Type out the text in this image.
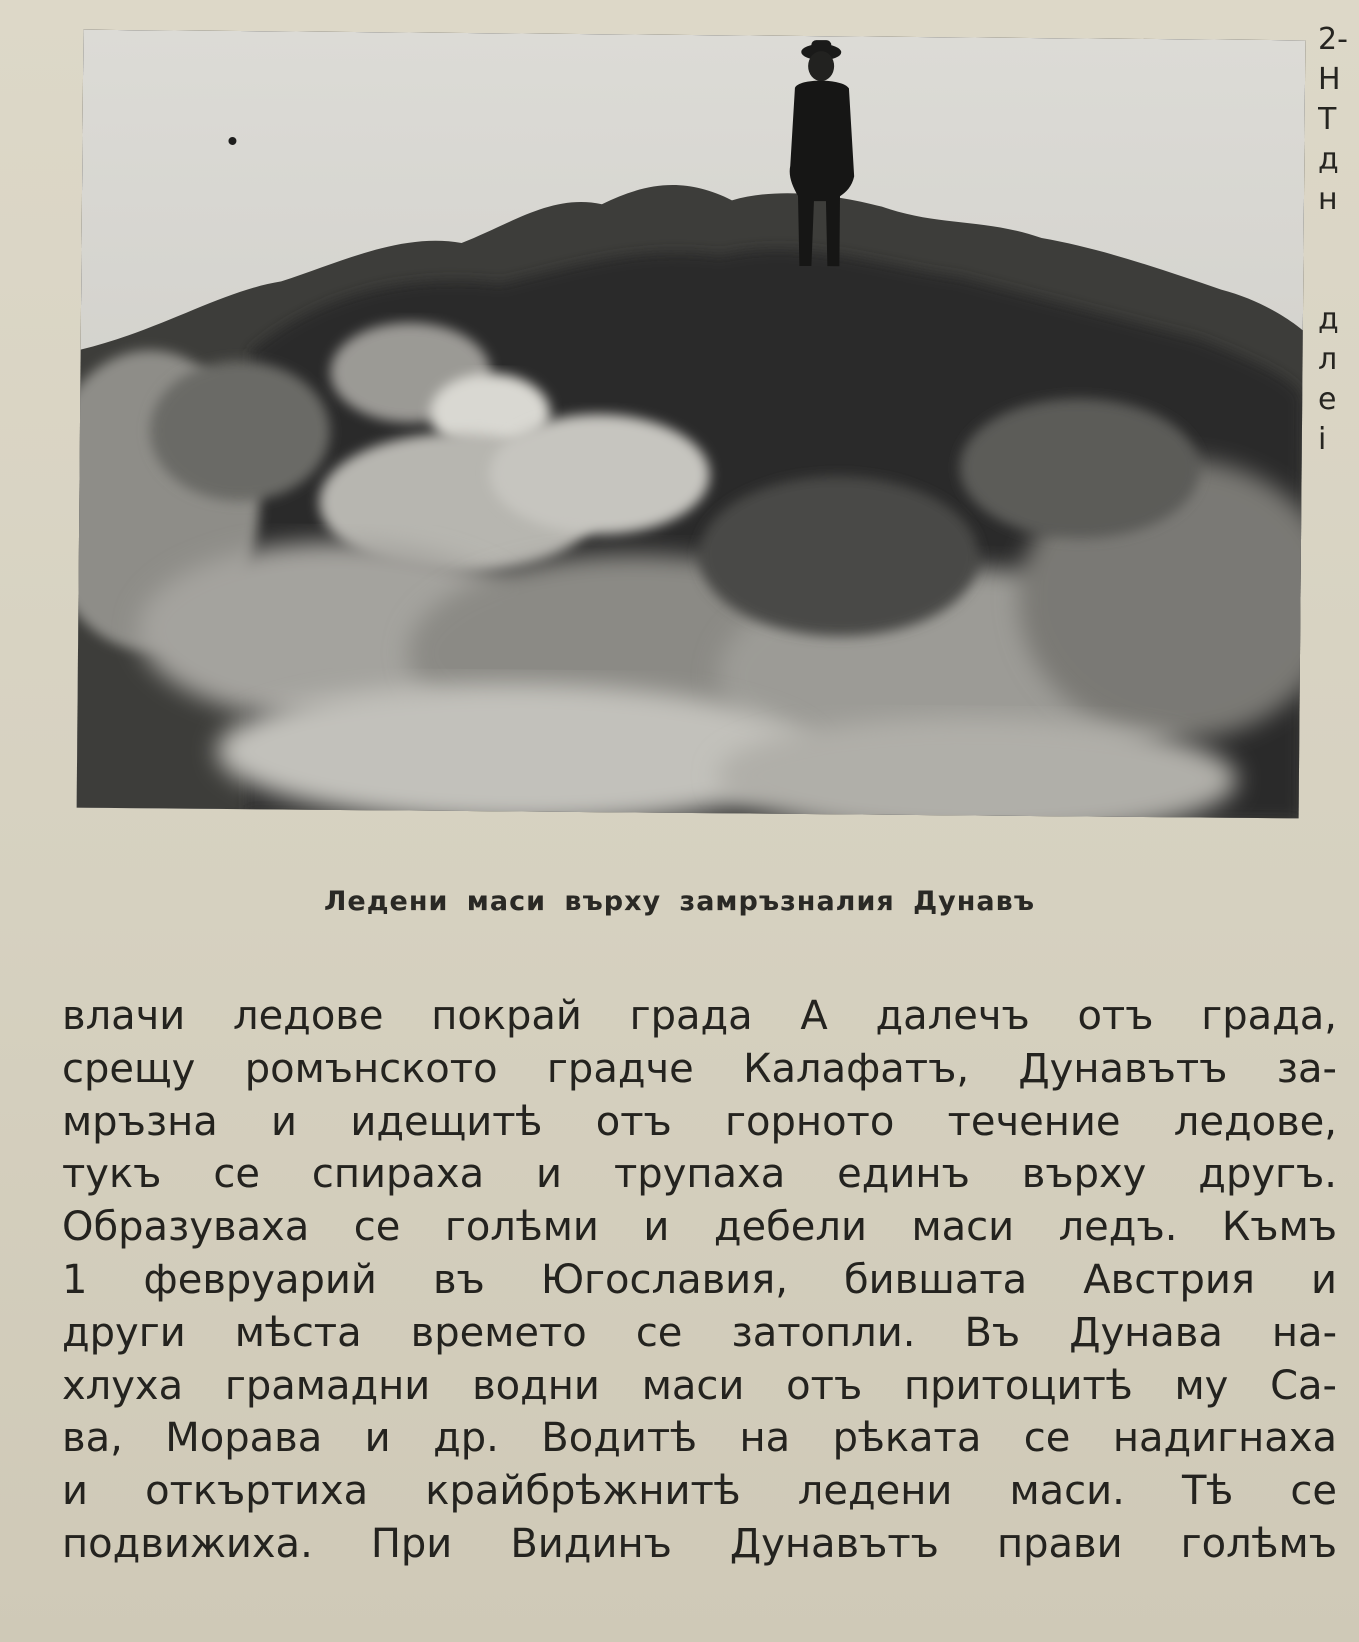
2-
Н
Т
д
н
д
л
е
і
Ледени маси върху замръзналия Дунавъ
влачи ледове покрай града А далечъ отъ града,
срещу ромънското градче Калафатъ, Дунавътъ за-
мръзна и идещитѣ отъ горното течение ледове,
тукъ се спираха и трупаха единъ върху другъ.
Образуваха се голѣми и дебели маси ледъ. Къмъ
1 февруарий въ Югославия, бившата Австрия и
други мѣста времето се затопли. Въ Дунава на-
хлуха грамадни водни маси отъ притоцитѣ му Са-
ва, Морава и др. Водитѣ на рѣката се надигнаха
и откъртиха крайбрѣжнитѣ ледени маси. Тѣ се
подвижиха. При Видинъ Дунавътъ прави голѣмъ
